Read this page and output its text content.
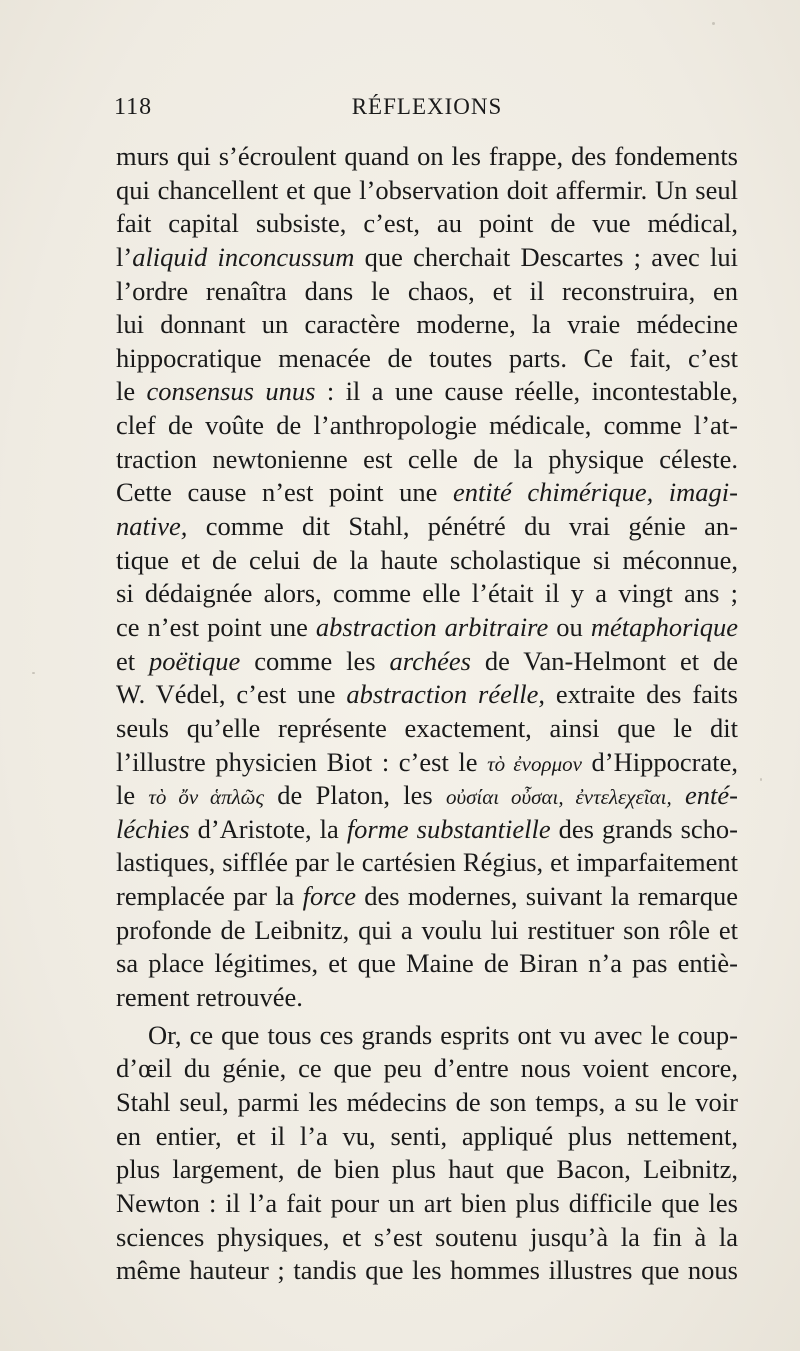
118	RÉFLEXIONS
murs qui s’écroulent quand on les frappe, des fondements
qui chancellent et que l’observation doit affermir. Un seul
fait capital subsiste, c’est, au point de vue médical,
l’aliquid inconcussum que cherchait Descartes ; avec lui
l’ordre renaîtra dans le chaos, et il reconstruira, en
lui donnant un caractère moderne, la vraie médecine
hippocratique menacée de toutes parts. Ce fait, c’est
le consensus unus : il a une cause réelle, incontestable,
clef de voûte de l’anthropologie médicale, comme l’at-
traction newtonienne est celle de la physique céleste.
Cette cause n’est point une entité chimérique, imagi-
native, comme dit Stahl, pénétré du vrai génie an-
tique et de celui de la haute scholastique si méconnue,
si dédaignée alors, comme elle l’était il y a vingt ans ;
ce n’est point une abstraction arbitraire ou métaphorique
et poëtique comme les archées de Van-Helmont et de
W. Védel, c’est une abstraction réelle, extraite des faits
seuls qu’elle représente exactement, ainsi que le dit
l’illustre physicien Biot : c’est le τὸ ἐνορμον d’Hippocrate,
le τὸ ὄν ἁπλῶς de Platon, les οὐσίαι οὖσαι, ἐντελεχεῖαι, enté-
léchies d’Aristote, la forme substantielle des grands scho-
lastiques, sifflée par le cartésien Régius, et imparfaitement
remplacée par la force des modernes, suivant la remarque
profonde de Leibnitz, qui a voulu lui restituer son rôle et
sa place légitimes, et que Maine de Biran n’a pas entiè-
rement retrouvée.
Or, ce que tous ces grands esprits ont vu avec le coup-
d’œil du génie, ce que peu d’entre nous voient encore,
Stahl seul, parmi les médecins de son temps, a su le voir
en entier, et il l’a vu, senti, appliqué plus nettement,
plus largement, de bien plus haut que Bacon, Leibnitz,
Newton : il l’a fait pour un art bien plus difficile que les
sciences physiques, et s’est soutenu jusqu’à la fin à la
même hauteur ; tandis que les hommes illustres que nous
